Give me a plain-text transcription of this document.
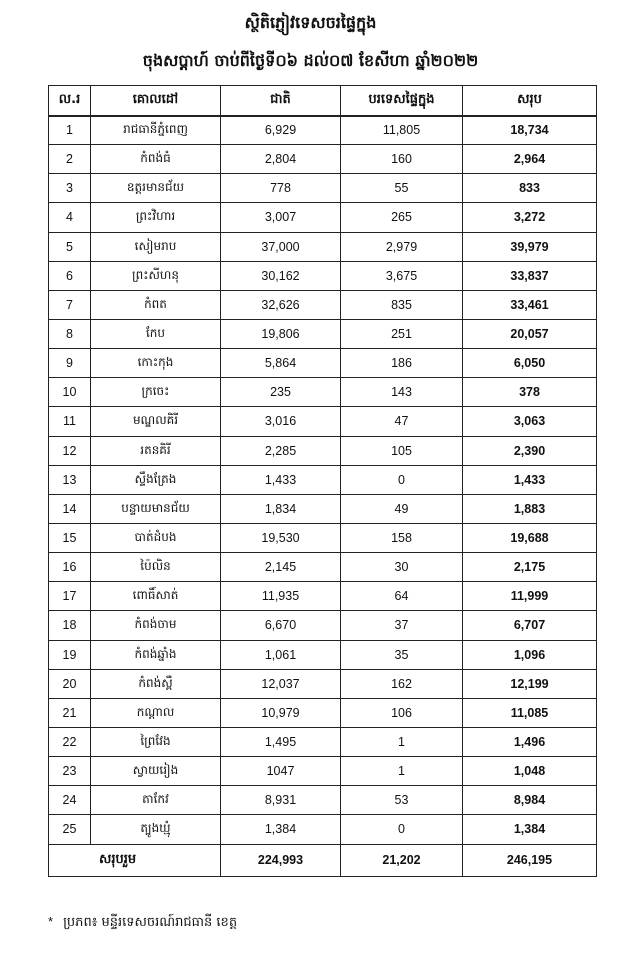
ស្ថិតិភ្ញៀវទេសចរផ្ទៃក្នុង
ចុងសប្តាហ៍ ចាប់ពីថ្ងៃទី០៦ ដល់០៧ ខែសីហា ឆ្នាំ២០២២
ល.រ	គោលដៅ	ជាតិ	បរទេសផ្ទៃក្នុង	សរុប
1	រាជធានីភ្នំពេញ	6,929	11,805	18,734
2	កំពង់ធំ	2,804	160	2,964
3	ឧត្តរមានជ័យ	778	55	833
4	ព្រះវិហារ	3,007	265	3,272
5	សៀមរាប	37,000	2,979	39,979
6	ព្រះសីហនុ	30,162	3,675	33,837
7	កំពត	32,626	835	33,461
8	កែប	19,806	251	20,057
9	កោះកុង	5,864	186	6,050
10	ក្រចេះ	235	143	378
11	មណ្ឌលគិរី	3,016	47	3,063
12	រតនគិរី	2,285	105	2,390
13	ស្ទឹងត្រែង	1,433	0	1,433
14	បន្ទាយមានជ័យ	1,834	49	1,883
15	បាត់ដំបង	19,530	158	19,688
16	ប៉ៃលិន	2,145	30	2,175
17	ពោធិ៍សាត់	11,935	64	11,999
18	កំពង់ចាម	6,670	37	6,707
19	កំពង់ឆ្នាំង	1,061	35	1,096
20	កំពង់ស្ពឺ	12,037	162	12,199
21	កណ្តាល	10,979	106	11,085
22	ព្រៃវែង	1,495	1	1,496
23	ស្វាយរៀង	1047	1	1,048
24	តាកែវ	8,931	53	8,984
25	ត្បូងឃ្មុំ	1,384	0	1,384
សរុបរួម		224,993	21,202	246,195
* ប្រភព៖ មន្ទីរទេសចរណ៍រាជធានី ខេត្ត
